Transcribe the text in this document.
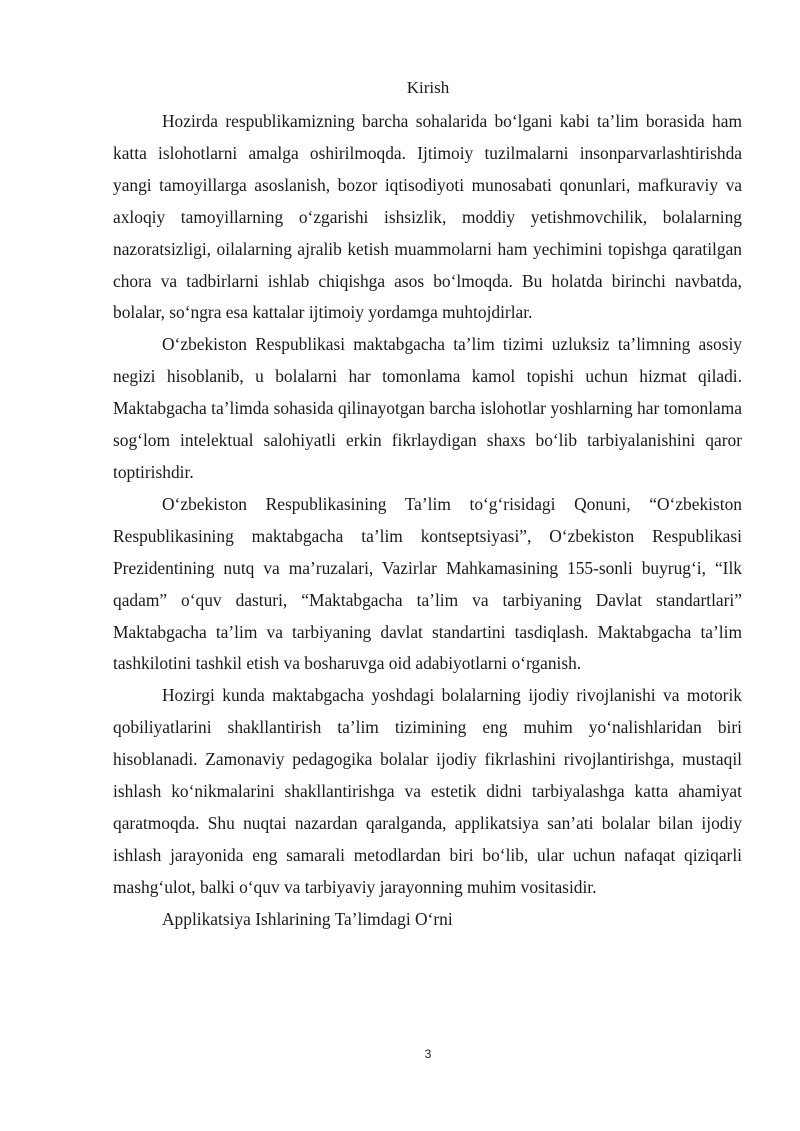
Kirish

Hozirda respublikamizning barcha sohalarida bo‘lgani kabi ta’lim borasida ham katta islohotlarni amalga oshirilmoqda. Ijtimoiy tuzilmalarni insonparvarlashtirishda yangi tamoyillarga asoslanish, bozor iqtisodiyoti munosabati qonunlari, mafkuraviy va axloqiy tamoyillarning o‘zgarishi ishsizlik, moddiy yetishmovchilik, bolalarning nazoratsizligi, oilalarning ajralib ketish muammolarni ham yechimini topishga qaratilgan chora va tadbirlarni ishlab chiqishga asos bo‘lmoqda. Bu holatda birinchi navbatda, bolalar, so‘ngra esa kattalar ijtimoiy yordamga muhtojdirlar.

O‘zbekiston Respublikasi maktabgacha ta’lim tizimi uzluksiz ta’limning asosiy negizi hisoblanib, u bolalarni har tomonlama kamol topishi uchun hizmat qiladi. Maktabgacha ta’limda sohasida qilinayotgan barcha islohotlar yoshlarning har tomonlama sog‘lom intelektual salohiyatli erkin fikrlaydigan shaxs bo‘lib tarbiyalanishini qaror toptirishdir.

O‘zbekiston Respublikasining Ta’lim to‘g‘risidagi Qonuni, “O‘zbekiston Respublikasining maktabgacha ta’lim kontseptsiyasi”, O‘zbekiston Respublikasi Prezidentining nutq va ma’ruzalari, Vazirlar Mahkamasining 155-sonli buyrug‘i, “Ilk qadam” o‘quv dasturi, “Maktabgacha ta’lim va tarbiyaning Davlat standartlari” Maktabgacha ta’lim va tarbiyaning davlat standartini tasdiqlash. Maktabgacha ta’lim tashkilotini tashkil etish va bosharuvga oid adabiyotlarni o‘rganish.

Hozirgi kunda maktabgacha yoshdagi bolalarning ijodiy rivojlanishi va motorik qobiliyatlarini shakllantirish ta’lim tizimining eng muhim yo‘nalishlaridan biri hisoblanadi. Zamonaviy pedagogika bolalar ijodiy fikrlashini rivojlantirishga, mustaqil ishlash ko‘nikmalarini shakllantirishga va estetik didni tarbiyalashga katta ahamiyat qaratmoqda. Shu nuqtai nazardan qaralganda, applikatsiya san’ati bolalar bilan ijodiy ishlash jarayonida eng samarali metodlardan biri bo‘lib, ular uchun nafaqat qiziqarli mashg‘ulot, balki o‘quv va tarbiyaviy jarayonning muhim vositasidir.

Applikatsiya Ishlarining Ta’limdagi O‘rni

3
